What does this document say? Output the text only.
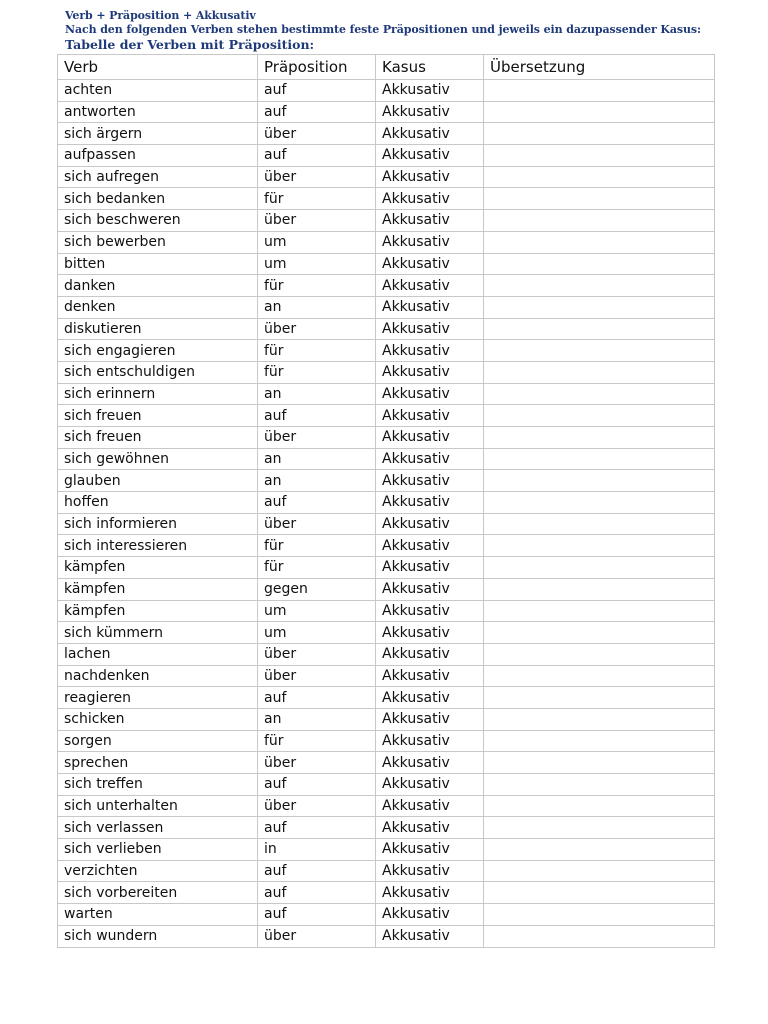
Verb + Präposition + Akkusativ
Nach den folgenden Verben stehen bestimmte feste Präpositionen und jeweils ein dazupassender Kasus:
Tabelle der Verben mit Präposition:
Verb	Präposition	Kasus	Übersetzung
achten	auf	Akkusativ	
antworten	auf	Akkusativ	
sich ärgern	über	Akkusativ	
aufpassen	auf	Akkusativ	
sich aufregen	über	Akkusativ	
sich bedanken	für	Akkusativ	
sich beschweren	über	Akkusativ	
sich bewerben	um	Akkusativ	
bitten	um	Akkusativ	
danken	für	Akkusativ	
denken	an	Akkusativ	
diskutieren	über	Akkusativ	
sich engagieren	für	Akkusativ	
sich entschuldigen	für	Akkusativ	
sich erinnern	an	Akkusativ	
sich freuen	auf	Akkusativ	
sich freuen	über	Akkusativ	
sich gewöhnen	an	Akkusativ	
glauben	an	Akkusativ	
hoffen	auf	Akkusativ	
sich informieren	über	Akkusativ	
sich interessieren	für	Akkusativ	
kämpfen	für	Akkusativ	
kämpfen	gegen	Akkusativ	
kämpfen	um	Akkusativ	
sich kümmern	um	Akkusativ	
lachen	über	Akkusativ	
nachdenken	über	Akkusativ	
reagieren	auf	Akkusativ	
schicken	an	Akkusativ	
sorgen	für	Akkusativ	
sprechen	über	Akkusativ	
sich treffen	auf	Akkusativ	
sich unterhalten	über	Akkusativ	
sich verlassen	auf	Akkusativ	
sich verlieben	in	Akkusativ	
verzichten	auf	Akkusativ	
sich vorbereiten	auf	Akkusativ	
warten	auf	Akkusativ	
sich wundern	über	Akkusativ	
